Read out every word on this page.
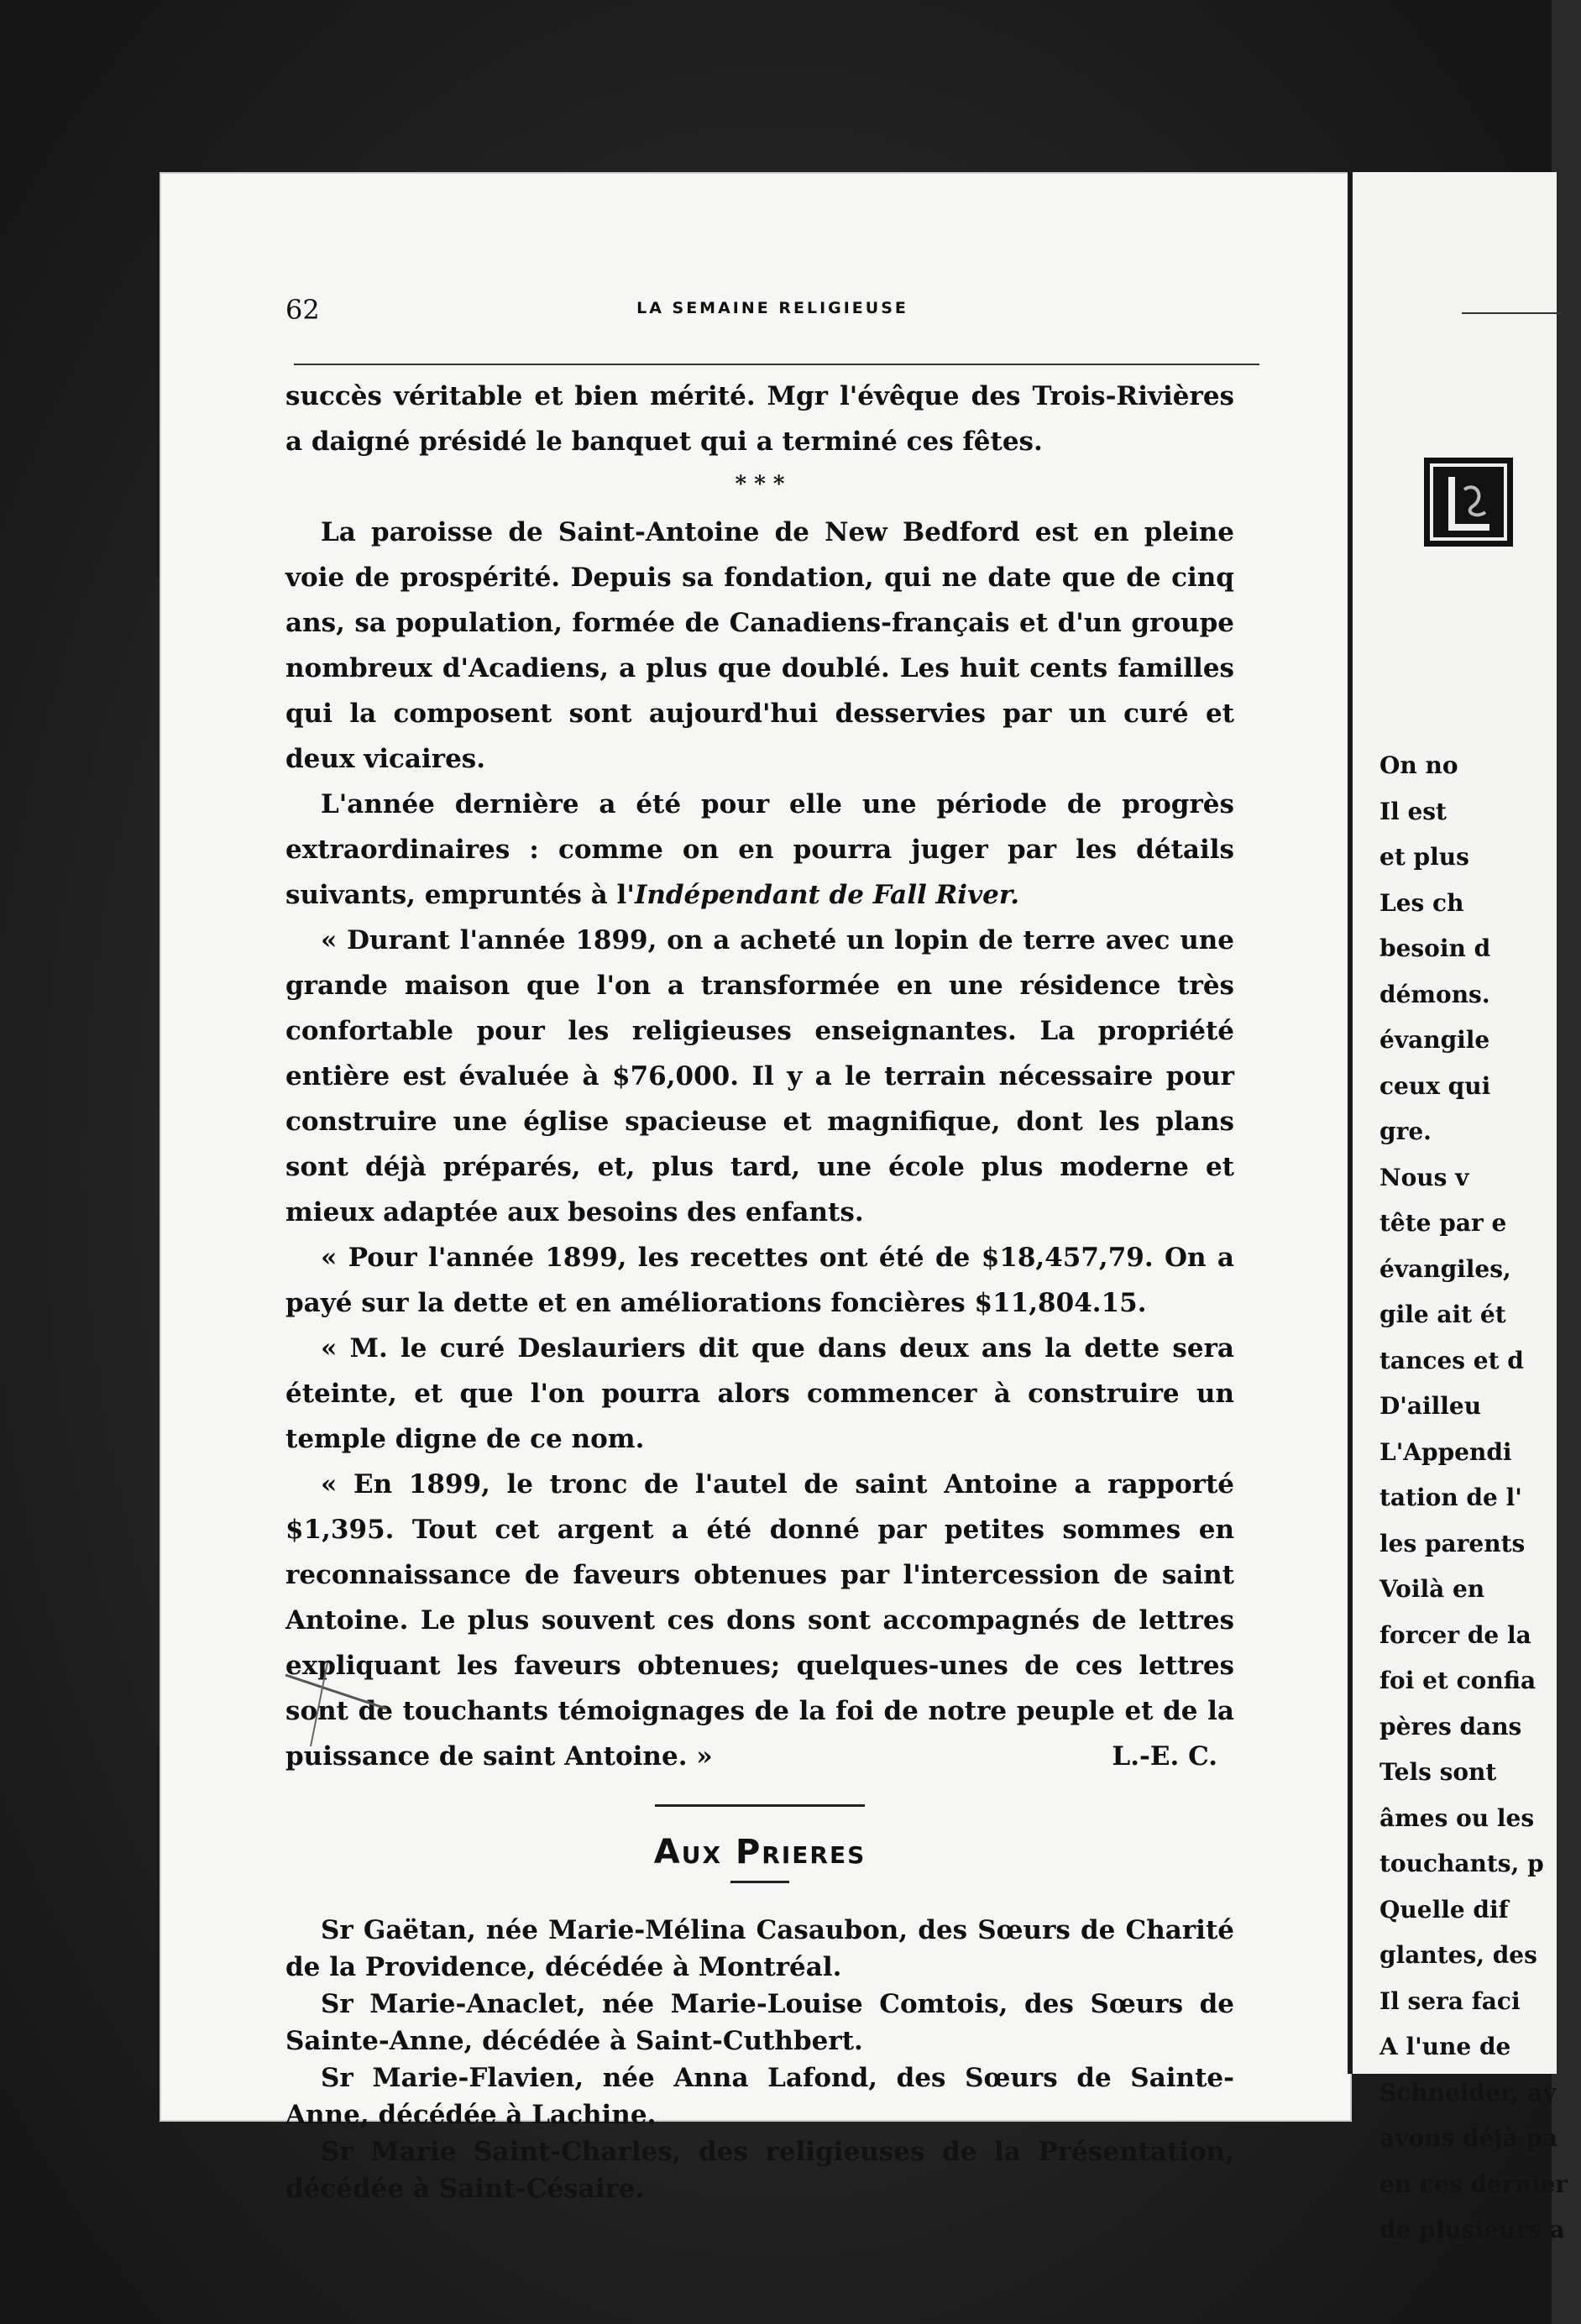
62	LA SEMAINE RELIGIEUSE

succès véritable et bien mérité. Mgr l'évêque des Trois-Rivières a daigné présidé le banquet qui a terminé ces fêtes.

* * *

La paroisse de Saint-Antoine de New Bedford est en pleine voie de prospérité. Depuis sa fondation, qui ne date que de cinq ans, sa population, formée de Canadiens-français et d'un groupe nombreux d'Acadiens, a plus que doublé. Les huit cents familles qui la composent sont aujourd'hui desservies par un curé et deux vicaires.

L'année dernière a été pour elle une période de progrès extraordinaires : comme on en pourra juger par les détails suivants, empruntés à l'Indépendant de Fall River.

« Durant l'année 1899, on a acheté un lopin de terre avec une grande maison que l'on a transformée en une résidence très confortable pour les religieuses enseignantes. La propriété entière est évaluée à $76,000. Il y a le terrain nécessaire pour construire une église spacieuse et magnifique, dont les plans sont déjà préparés, et, plus tard, une école plus moderne et mieux adaptée aux besoins des enfants.

« Pour l'année 1899, les recettes ont été de $18,457,79. On a payé sur la dette et en améliorations foncières $11,804.15.

« M. le curé Deslauriers dit que dans deux ans la dette sera éteinte, et que l'on pourra alors commencer à construire un temple digne de ce nom.

« En 1899, le tronc de l'autel de saint Antoine a rapporté $1,395. Tout cet argent a été donné par petites sommes en reconnaissance de faveurs obtenues par l'intercession de saint Antoine. Le plus souvent ces dons sont accompagnés de lettres expliquant les faveurs obtenues; quelques-unes de ces lettres sont de touchants témoignages de la foi de notre peuple et de la puissance de saint Antoine. »	L.-E. C.
Aux Prieres

Sr Gaëtan, née Marie-Mélina Casaubon, des Sœurs de Charité de la Providence, décédée à Montréal.

Sr Marie-Anaclet, née Marie-Louise Comtois, des Sœurs de Sainte-Anne, décédée à Saint-Cuthbert.

Sr Marie-Flavien, née Anna Lafond, des Sœurs de Sainte-Anne, décédée à Lachine.

Sr Marie Saint-Charles, des religieuses de la Présentation, décédée à Saint-Césaire.

On no
Il est
et plus
Les ch
besoin d
démons.
évangile
ceux qui
gre.
Nous v
tête par e
évangiles,
gile ait ét
tances et d
D'ailleu
L'Appendi
tation de l'
les parents
Voilà en
forcer de la
foi et confia
pères dans
Tels sont
âmes ou les
touchants, p
Quelle dif
glantes, des
Il sera faci
A l'une de
Schneider, ay
avons déjà pa
en ces dernier
de plusieurs a
